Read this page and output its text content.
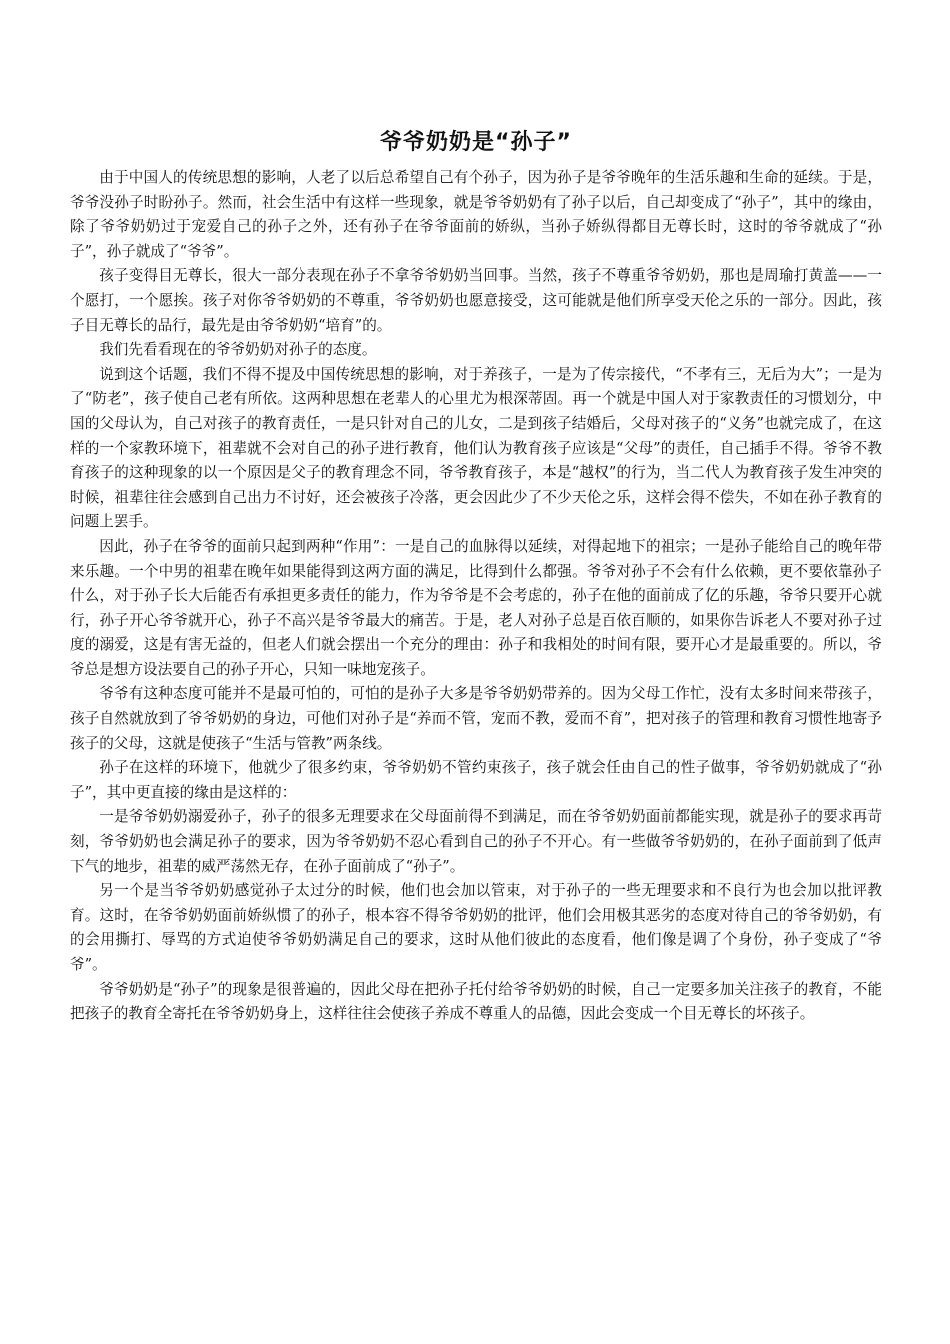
爷爷奶奶是“孙子”

由于中国人的传统思想的影响，人老了以后总希望自己有个孙子，因为孙子是爷爷晚年的生活乐趣和生命的延续。于是，爷爷没孙子时盼孙子。然而，社会生活中有这样一些现象，就是爷爷奶奶有了孙子以后，自己却变成了“孙子”，其中的缘由，除了爷爷奶奶过于宠爱自己的孙子之外，还有孙子在爷爷面前的娇纵，当孙子娇纵得都目无尊长时，这时的爷爷就成了“孙子”，孙子就成了“爷爷”。

孩子变得目无尊长，很大一部分表现在孙子不拿爷爷奶奶当回事。当然，孩子不尊重爷爷奶奶，那也是周瑜打黄盖——一个愿打，一个愿挨。孩子对你爷爷奶奶的不尊重，爷爷奶奶也愿意接受，这可能就是他们所享受天伦之乐的一部分。因此，孩子目无尊长的品行，最先是由爷爷奶奶“培育”的。

我们先看看现在的爷爷奶奶对孙子的态度。

说到这个话题，我们不得不提及中国传统思想的影响，对于养孩子，一是为了传宗接代，“不孝有三，无后为大”；一是为了“防老”，孩子使自己老有所依。这两种思想在老辈人的心里尤为根深蒂固。再一个就是中国人对于家教责任的习惯划分，中国的父母认为，自己对孩子的教育责任，一是只针对自己的儿女，二是到孩子结婚后，父母对孩子的“义务”也就完成了，在这样的一个家教环境下，祖辈就不会对自己的孙子进行教育，他们认为教育孩子应该是“父母”的责任，自己插手不得。爷爷不教育孩子的这种现象的以一个原因是父子的教育理念不同，爷爷教育孩子，本是“越权”的行为，当二代人为教育孩子发生冲突的时候，祖辈往往会感到自己出力不讨好，还会被孩子冷落，更会因此少了不少天伦之乐，这样会得不偿失，不如在孙子教育的问题上罢手。

因此，孙子在爷爷的面前只起到两种“作用”：一是自己的血脉得以延续，对得起地下的祖宗；一是孙子能给自己的晚年带来乐趣。一个中男的祖辈在晚年如果能得到这两方面的满足，比得到什么都强。爷爷对孙子不会有什么依赖，更不要依靠孙子什么，对于孙子长大后能否有承担更多责任的能力，作为爷爷是不会考虑的，孙子在他的面前成了亿的乐趣，爷爷只要开心就行，孙子开心爷爷就开心，孙子不高兴是爷爷最大的痛苦。于是，老人对孙子总是百依百顺的，如果你告诉老人不要对孙子过度的溺爱，这是有害无益的，但老人们就会摆出一个充分的理由：孙子和我相处的时间有限，要开心才是最重要的。所以，爷爷总是想方设法要自己的孙子开心，只知一味地宠孩子。

爷爷有这种态度可能并不是最可怕的，可怕的是孙子大多是爷爷奶奶带养的。因为父母工作忙，没有太多时间来带孩子，孩子自然就放到了爷爷奶奶的身边，可他们对孙子是“养而不管，宠而不教，爱而不育”，把对孩子的管理和教育习惯性地寄予孩子的父母，这就是使孩子“生活与管教”两条线。

孙子在这样的环境下，他就少了很多约束，爷爷奶奶不管约束孩子，孩子就会任由自己的性子做事，爷爷奶奶就成了“孙子”，其中更直接的缘由是这样的：

一是爷爷奶奶溺爱孙子，孙子的很多无理要求在父母面前得不到满足，而在爷爷奶奶面前都能实现，就是孙子的要求再苛刻，爷爷奶奶也会满足孙子的要求，因为爷爷奶奶不忍心看到自己的孙子不开心。有一些做爷爷奶奶的，在孙子面前到了低声下气的地步，祖辈的威严荡然无存，在孙子面前成了“孙子”。

另一个是当爷爷奶奶感觉孙子太过分的时候，他们也会加以管束，对于孙子的一些无理要求和不良行为也会加以批评教育。这时，在爷爷奶奶面前娇纵惯了的孙子，根本容不得爷爷奶奶的批评，他们会用极其恶劣的态度对待自己的爷爷奶奶，有的会用撕打、辱骂的方式迫使爷爷奶奶满足自己的要求，这时从他们彼此的态度看，他们像是调了个身份，孙子变成了“爷爷”。

爷爷奶奶是“孙子”的现象是很普遍的，因此父母在把孙子托付给爷爷奶奶的时候，自己一定要多加关注孩子的教育，不能把孩子的教育全寄托在爷爷奶奶身上，这样往往会使孩子养成不尊重人的品德，因此会变成一个目无尊长的坏孩子。
